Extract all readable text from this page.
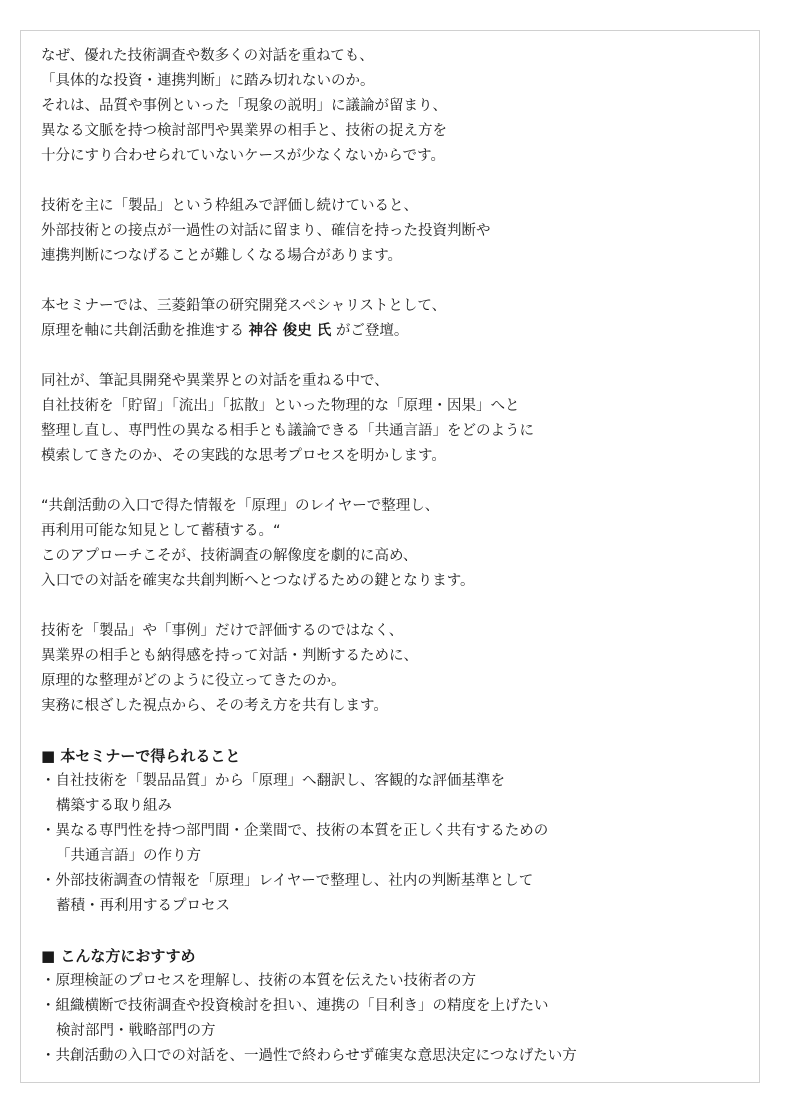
なぜ、優れた技術調査や数多くの対話を重ねても、
「具体的な投資・連携判断」に踏み切れないのか。
それは、品質や事例といった「現象の説明」に議論が留まり、
異なる文脈を持つ検討部門や異業界の相手と、技術の捉え方を
十分にすり合わせられていないケースが少なくないからです。
技術を主に「製品」という枠組みで評価し続けていると、
外部技術との接点が一過性の対話に留まり、確信を持った投資判断や
連携判断につなげることが難しくなる場合があります。
本セミナーでは、三菱鉛筆の研究開発スペシャリストとして、
原理を軸に共創活動を推進する 神谷 俊史 氏 がご登壇。
同社が、筆記具開発や異業界との対話を重ねる中で、
自社技術を「貯留」「流出」「拡散」といった物理的な「原理・因果」へと
整理し直し、専門性の異なる相手とも議論できる「共通言語」をどのように
模索してきたのか、その実践的な思考プロセスを明かします。
“共創活動の入口で得た情報を「原理」のレイヤーで整理し、
再利用可能な知見として蓄積する。“
このアプローチこそが、技術調査の解像度を劇的に高め、
入口での対話を確実な共創判断へとつなげるための鍵となります。
技術を「製品」や「事例」だけで評価するのではなく、
異業界の相手とも納得感を持って対話・判断するために、
原理的な整理がどのように役立ってきたのか。
実務に根ざした視点から、その考え方を共有します。
■ 本セミナーで得られること
・自社技術を「製品品質」から「原理」へ翻訳し、客観的な評価基準を
構築する取り組み
・異なる専門性を持つ部門間・企業間で、技術の本質を正しく共有するための
「共通言語」の作り方
・外部技術調査の情報を「原理」レイヤーで整理し、社内の判断基準として
蓄積・再利用するプロセス
■ こんな方におすすめ
・原理検証のプロセスを理解し、技術の本質を伝えたい技術者の方
・組織横断で技術調査や投資検討を担い、連携の「目利き」の精度を上げたい
検討部門・戦略部門の方
・共創活動の入口での対話を、一過性で終わらせず確実な意思決定につなげたい方
